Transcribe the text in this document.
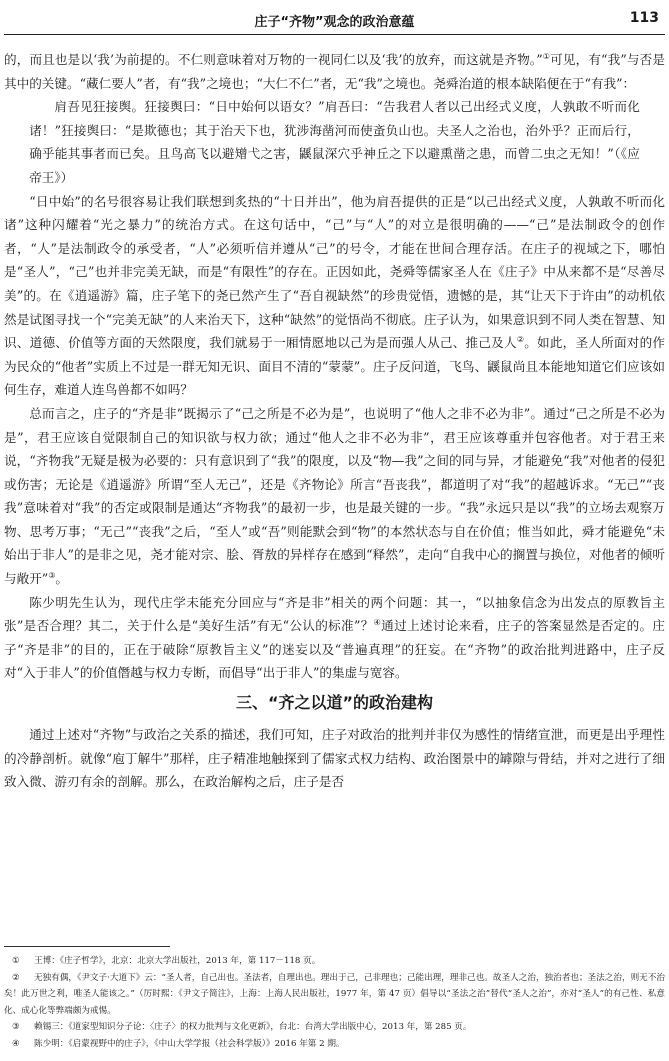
庄子“齐物”观念的政治意蕴	113

的，而且也是以‘我’为前提的。不仁则意味着对万物的一视同仁以及‘我’的放弃，而这就是齐物。”①可见，有“我”与否是其中的关键。“藏仁要人”者，有“我”之境也；“大仁不仁”者，无“我”之境也。尧舜治道的根本缺陷便在于“有我”：

肩吾见狂接舆。狂接舆曰：“日中始何以语女？”肩吾曰：“告我君人者以己出经式义度，人孰敢不听而化诸！”狂接舆曰：“是欺德也；其于治天下也，犹涉海凿河而使蚉负山也。夫圣人之治也，治外乎？正而后行，确乎能其事者而已矣。且鸟高飞以避矰弋之害，鼷鼠深穴乎神丘之下以避熏凿之患，而曾二虫之无知！”（《应帝王》）

“日中始”的名号很容易让我们联想到炙热的“十日并出”，他为肩吾提供的正是“以己出经式义度，人孰敢不听而化诸”这种闪耀着“光之暴力”的统治方式。在这句话中，“己”与“人”的对立是很明确的——“己”是法制政令的创作者，“人”是法制政令的承受者，“人”必须听信并遵从“己”的号令，才能在世间合理存活。在庄子的视域之下，哪怕是“圣人”，“己”也并非完美无缺，而是“有限性”的存在。正因如此，尧舜等儒家圣人在《庄子》中从来都不是“尽善尽美”的。在《逍遥游》篇，庄子笔下的尧已然产生了“吾自视缺然”的珍贵觉悟，遗憾的是，其“让天下于许由”的动机依然是试图寻找一个“完美无缺”的人来治天下，这种“缺然”的觉悟尚不彻底。庄子认为，如果意识到不同人类在智慧、知识、道德、价值等方面的天然限度，我们就易于一厢情愿地以己为是而强人从己、推己及人②。如此，圣人所面对的作为民众的“他者”实质上不过是一群无知无识、面目不清的“蒙蒙”。庄子反问道，飞鸟、鼷鼠尚且本能地知道它们应该如何生存，难道人连鸟兽都不如吗？

总而言之，庄子的“齐是非”既揭示了“己之所是不必为是”，也说明了“他人之非不必为非”。通过“己之所是不必为是”，君王应该自觉限制自己的知识欲与权力欲；通过“他人之非不必为非”，君王应该尊重并包容他者。对于君王来说，“齐物我”无疑是极为必要的：只有意识到了“我”的限度，以及“物—我”之间的同与异，才能避免“我”对他者的侵犯或伤害；无论是《逍遥游》所谓“至人无己”，还是《齐物论》所言“吾丧我”，都道明了对“我”的超越诉求。“无己”“丧我”意味着对“我”的否定或限制是通达“齐物我”的最初一步，也是最关键的一步。“我”永远只是以“我”的立场去观察万物、思考万事；“无己”“丧我”之后，“至人”或“吾”则能默会到“物”的本然状态与自在价值；惟当如此，舜才能避免“未始出于非人”的是非之见，尧才能对宗、脍、胥敖的异样存在感到“释然”，走向“自我中心的搁置与换位，对他者的倾听与敞开”③。

陈少明先生认为，现代庄学未能充分回应与“齐是非”相关的两个问题：其一，“以抽象信念为出发点的原教旨主张”是否合理？其二，关于什么是“美好生活”有无“公认的标准”？④通过上述讨论来看，庄子的答案显然是否定的。庄子“齐是非”的目的，正在于破除“原教旨主义”的迷妄以及“普遍真理”的狂妄。在“齐物”的政治批判进路中，庄子反对“入于非人”的价值僭越与权力专断，而倡导“出于非人”的集虚与宽容。

三、“齐之以道”的政治建构

通过上述对“齐物”与政治之关系的描述，我们可知，庄子对政治的批判并非仅为感性的情绪宣泄，而更是出乎理性的冷静剖析。就像“庖丁解牛”那样，庄子精准地触探到了儒家式权力结构、政治图景中的罅隙与骨结，并对之进行了细致入微、游刃有余的剖解。那么，在政治解构之后，庄子是否

① 王博：《庄子哲学》，北京：北京大学出版社，2013 年，第 117－118 页。

② 无独有偶，《尹文子·大道下》云：“圣人者，自己出也。圣法者，自理出也。理出于己，己非理也；己能出理，理非己也。故圣人之治，独治者也；圣法之治，则无不治矣！此万世之利，唯圣人能该之。”（厉时熙：《尹文子简注》，上海：上海人民出版社，1977 年，第 47 页）倡导以“圣法之治”替代“圣人之治”，亦对“圣人”的有己性、私意化、成心化等弊端颇为戒惕。

③ 赖锡三：《道家型知识分子论：〈庄子〉的权力批判与文化更新》，台北：台湾大学出版中心，2013 年，第 285 页。

④ 陈少明：《启蒙视野中的庄子》，《中山大学学报（社会科学版）》2016 年第 2 期。
